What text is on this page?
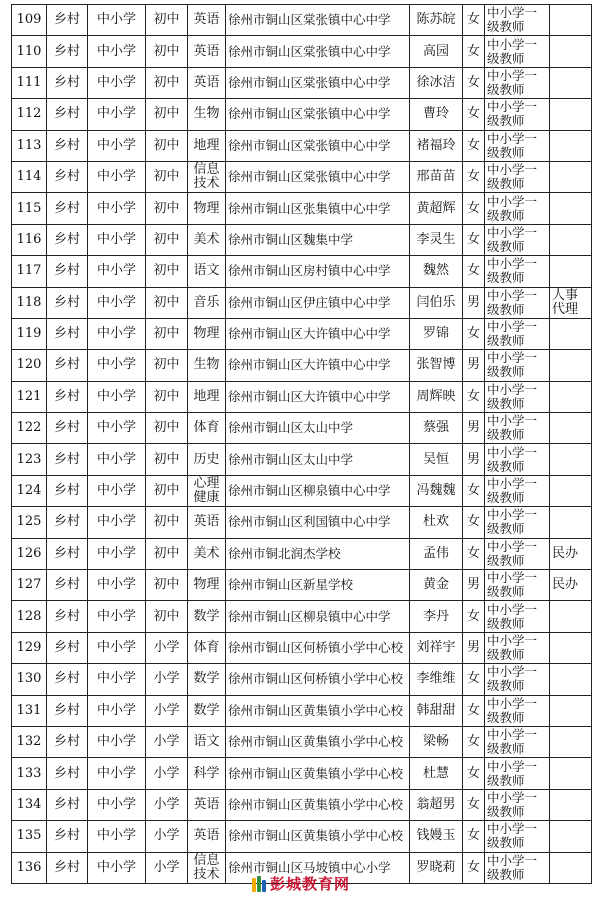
109	乡村	中小学	初中	英语	徐州市铜山区棠张镇中心中学	陈苏皖	女	中小学一级教师	
110	乡村	中小学	初中	英语	徐州市铜山区棠张镇中心中学	高园	女	中小学一级教师	
111	乡村	中小学	初中	英语	徐州市铜山区棠张镇中心中学	徐冰洁	女	中小学一级教师	
112	乡村	中小学	初中	生物	徐州市铜山区棠张镇中心中学	曹玲	女	中小学一级教师	
113	乡村	中小学	初中	地理	徐州市铜山区棠张镇中心中学	褚福玲	女	中小学一级教师	
114	乡村	中小学	初中	信息技术	徐州市铜山区棠张镇中心中学	邢苗苗	女	中小学一级教师	
115	乡村	中小学	初中	物理	徐州市铜山区张集镇中心中学	黄超辉	女	中小学一级教师	
116	乡村	中小学	初中	美术	徐州市铜山区魏集中学	李灵生	女	中小学一级教师	
117	乡村	中小学	初中	语文	徐州市铜山区房村镇中心中学	魏然	女	中小学一级教师	
118	乡村	中小学	初中	音乐	徐州市铜山区伊庄镇中心中学	闫伯乐	男	中小学一级教师	人事代理
119	乡村	中小学	初中	物理	徐州市铜山区大许镇中心中学	罗锦	女	中小学一级教师	
120	乡村	中小学	初中	生物	徐州市铜山区大许镇中心中学	张智博	男	中小学一级教师	
121	乡村	中小学	初中	地理	徐州市铜山区大许镇中心中学	周辉映	女	中小学一级教师	
122	乡村	中小学	初中	体育	徐州市铜山区太山中学	蔡强	男	中小学一级教师	
123	乡村	中小学	初中	历史	徐州市铜山区太山中学	吴恒	男	中小学一级教师	
124	乡村	中小学	初中	心理健康	徐州市铜山区柳泉镇中心中学	冯魏魏	女	中小学一级教师	
125	乡村	中小学	初中	英语	徐州市铜山区利国镇中心中学	杜欢	女	中小学一级教师	
126	乡村	中小学	初中	美术	徐州市铜北润杰学校	孟伟	女	中小学一级教师	民办
127	乡村	中小学	初中	物理	徐州市铜山区新星学校	黄金	男	中小学一级教师	民办
128	乡村	中小学	初中	数学	徐州市铜山区柳泉镇中心中学	李丹	女	中小学一级教师	
129	乡村	中小学	小学	体育	徐州市铜山区何桥镇小学中心校	刘祥宇	男	中小学一级教师	
130	乡村	中小学	小学	数学	徐州市铜山区何桥镇小学中心校	李维维	女	中小学一级教师	
131	乡村	中小学	小学	数学	徐州市铜山区黄集镇小学中心校	韩甜甜	女	中小学一级教师	
132	乡村	中小学	小学	语文	徐州市铜山区黄集镇小学中心校	梁畅	女	中小学一级教师	
133	乡村	中小学	小学	科学	徐州市铜山区黄集镇小学中心校	杜慧	女	中小学一级教师	
134	乡村	中小学	小学	英语	徐州市铜山区黄集镇小学中心校	翁超男	女	中小学一级教师	
135	乡村	中小学	小学	英语	徐州市铜山区黄集镇小学中心校	钱嫚玉	女	中小学一级教师	
136	乡村	中小学	小学	信息技术	徐州市铜山区马坡镇中心小学	罗晓莉	女	中小学一级教师	
彭城教育网
